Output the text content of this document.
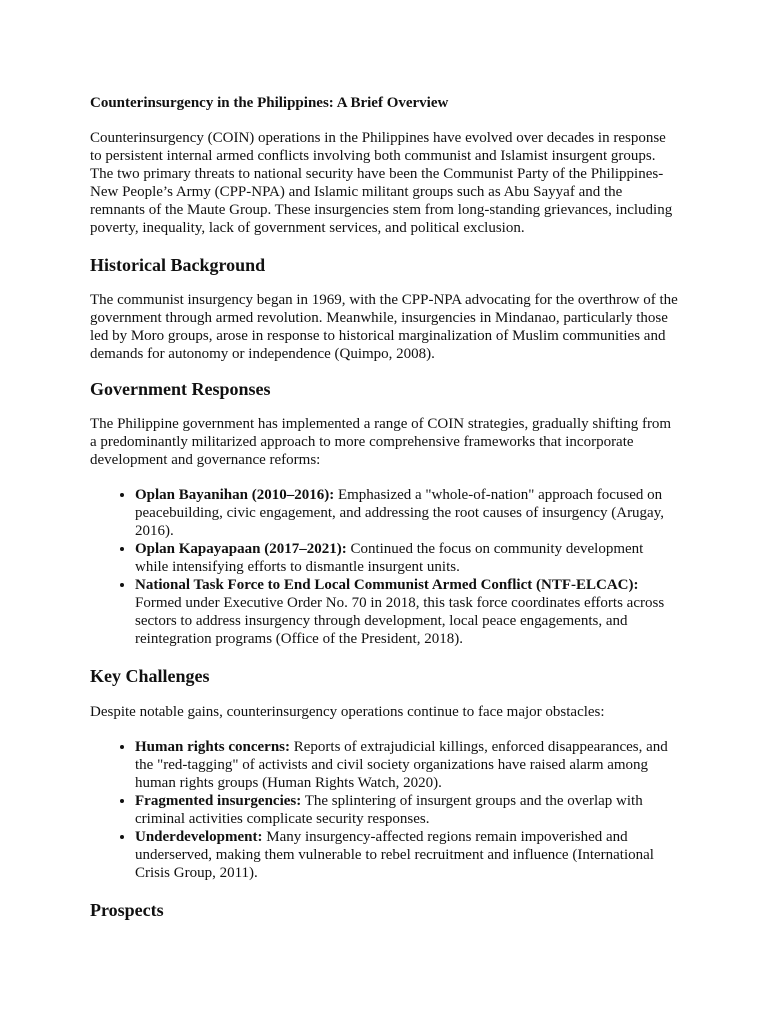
Counterinsurgency in the Philippines: A Brief Overview

Counterinsurgency (COIN) operations in the Philippines have evolved over decades in response to persistent internal armed conflicts involving both communist and Islamist insurgent groups. The two primary threats to national security have been the Communist Party of the Philippines-New People’s Army (CPP-NPA) and Islamic militant groups such as Abu Sayyaf and the remnants of the Maute Group. These insurgencies stem from long-standing grievances, including poverty, inequality, lack of government services, and political exclusion.

Historical Background

The communist insurgency began in 1969, with the CPP-NPA advocating for the overthrow of the government through armed revolution. Meanwhile, insurgencies in Mindanao, particularly those led by Moro groups, arose in response to historical marginalization of Muslim communities and demands for autonomy or independence (Quimpo, 2008).

Government Responses

The Philippine government has implemented a range of COIN strategies, gradually shifting from a predominantly militarized approach to more comprehensive frameworks that incorporate development and governance reforms:

• Oplan Bayanihan (2010–2016): Emphasized a "whole-of-nation" approach focused on peacebuilding, civic engagement, and addressing the root causes of insurgency (Arugay, 2016).
• Oplan Kapayapaan (2017–2021): Continued the focus on community development while intensifying efforts to dismantle insurgent units.
• National Task Force to End Local Communist Armed Conflict (NTF-ELCAC): Formed under Executive Order No. 70 in 2018, this task force coordinates efforts across sectors to address insurgency through development, local peace engagements, and reintegration programs (Office of the President, 2018).
Key Challenges

Despite notable gains, counterinsurgency operations continue to face major obstacles:

• Human rights concerns: Reports of extrajudicial killings, enforced disappearances, and the "red-tagging" of activists and civil society organizations have raised alarm among human rights groups (Human Rights Watch, 2020).
• Fragmented insurgencies: The splintering of insurgent groups and the overlap with criminal activities complicate security responses.
• Underdevelopment: Many insurgency-affected regions remain impoverished and underserved, making them vulnerable to rebel recruitment and influence (International Crisis Group, 2011).
Prospects
